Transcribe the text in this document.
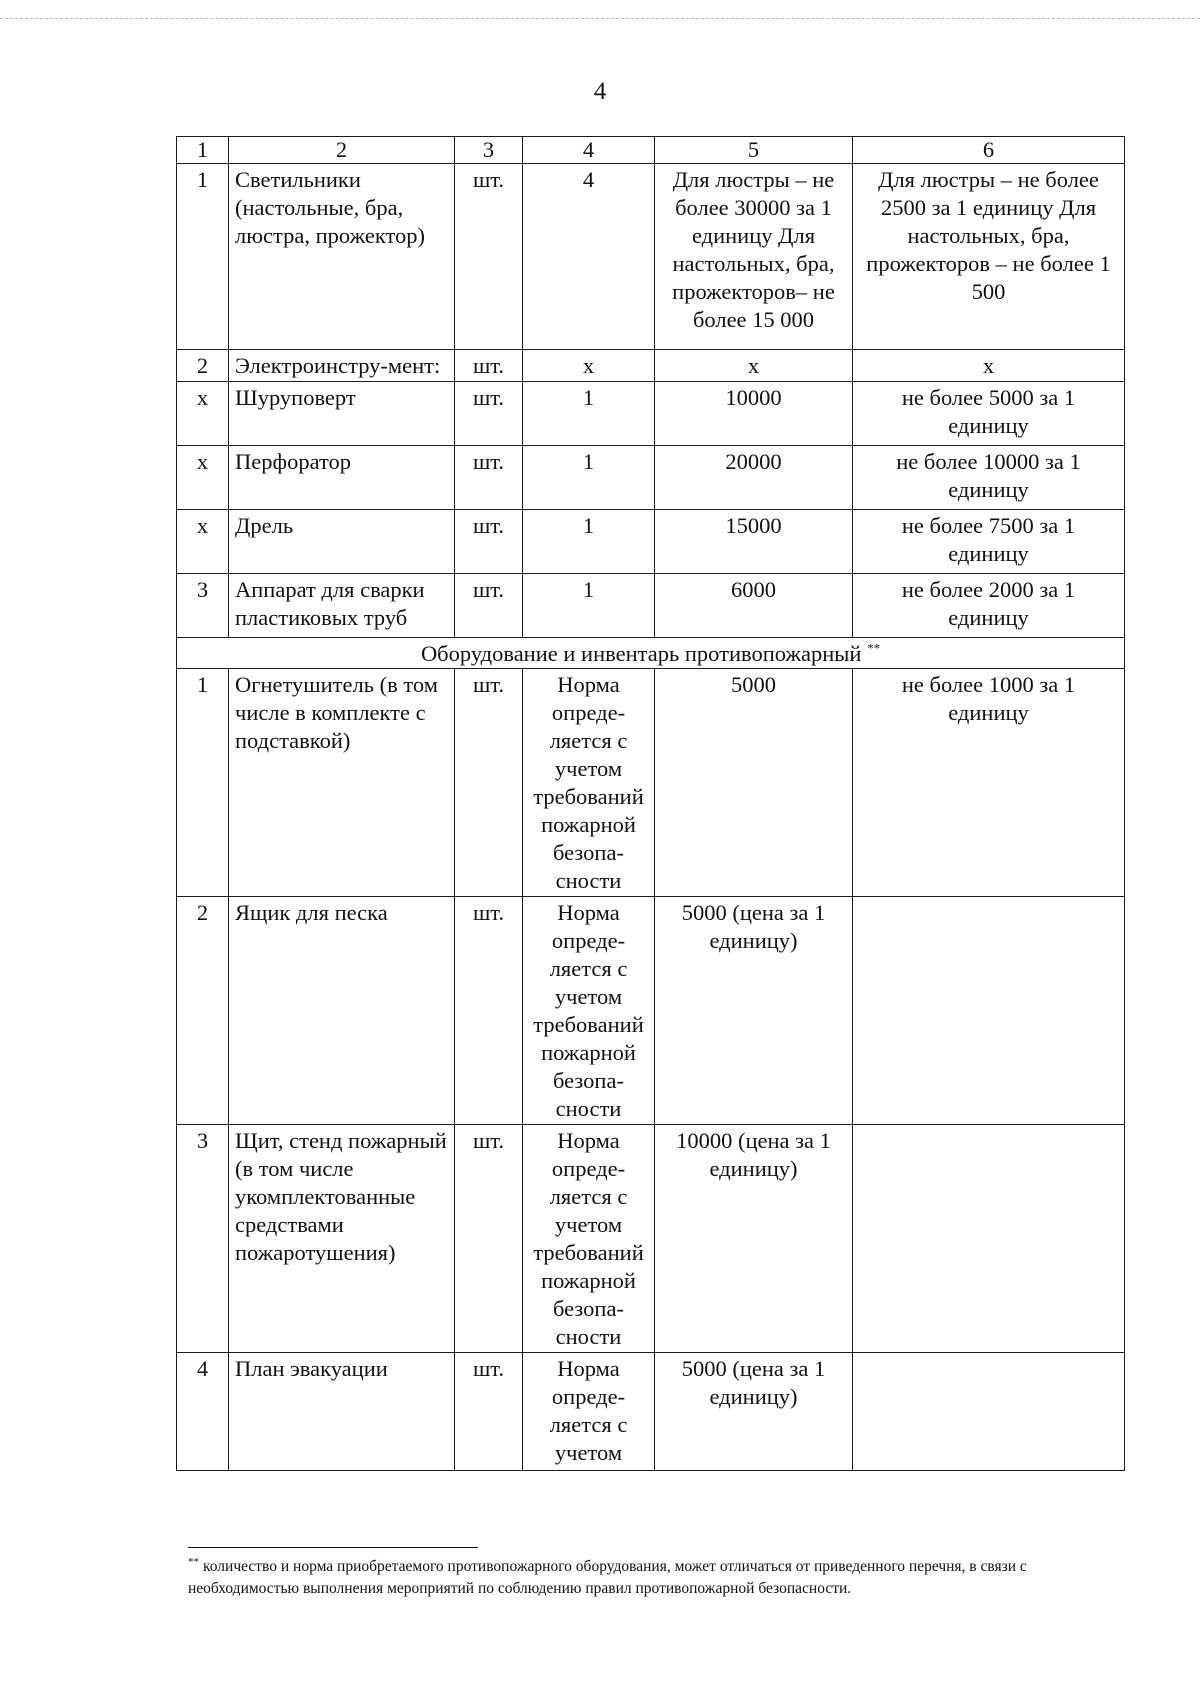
4
1	2	3	4	5	6
1	Светильники (настольные, бра, люстра, прожектор)	шт.	4	Для люстры – не более 30000 за 1 единицу Для настольных, бра, прожекторов– не более 15 000	Для люстры – не более 2500 за 1 единицу Для настольных, бра, прожекторов – не более 1 500
2	Электроинстру-мент:	шт.	х	х	х
х	Шуруповерт	шт.	1	10000	не более 5000 за 1 единицу
х	Перфоратор	шт.	1	20000	не более 10000 за 1 единицу
х	Дрель	шт.	1	15000	не более 7500 за 1 единицу
3	Аппарат для сварки пластиковых труб	шт.	1	6000	не более 2000 за 1 единицу
Оборудование и инвентарь противопожарный **
1	Огнетушитель (в том числе в комплекте с подставкой)	шт.	Норма опреде-ляется с учетом требований пожарной безопа-сности	5000	не более 1000 за 1 единицу
2	Ящик для песка	шт.	Норма опреде-ляется с учетом требований пожарной безопа-сности	5000 (цена за 1 единицу)	
3	Щит, стенд пожарный (в том числе укомплектованные средствами пожаротушения)	шт.	Норма опреде-ляется с учетом требований пожарной безопа-сности	10000 (цена за 1 единицу)	
4	План эвакуации	шт.	Норма опреде-ляется с учетом	5000 (цена за 1 единицу)	
** количество и норма приобретаемого противопожарного оборудования, может отличаться от приведенного перечня, в связи с необходимостью выполнения мероприятий по соблюдению правил противопожарной безопасности.
